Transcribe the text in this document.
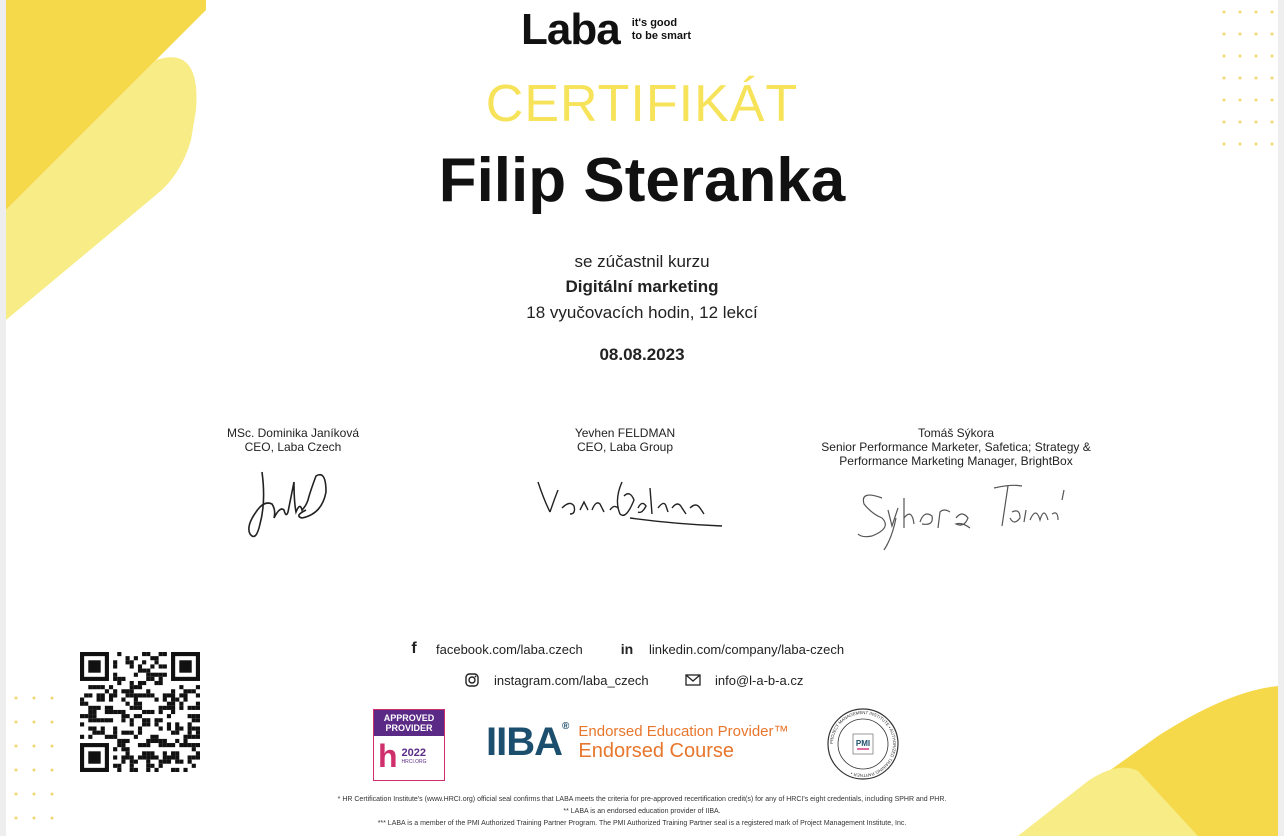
Laba it's good
to be smart
CERTIFIKÁT
Filip Steranka
se zúčastnil kurzu
Digitální marketing
18 vyučovacích hodin, 12 lekcí
08.08.2023
MSc. Dominika Janíková
CEO, Laba Czech
Yevhen FELDMAN
CEO, Laba Group
Tomáš Sýkora
Senior Performance Marketer, Safetica; Strategy &
Performance Marketing Manager, BrightBox
f	facebook.com/laba.czech	in linkedin.com/company/laba-czech
instagram.com/laba_czech	info@l-a-b-a.cz
APPROVED PROVIDER
h 2022
HRCI.ORG IIBA® Endorsed Education Provider™
Endorsed Course	PROJECT MANAGEMENT INSTITUTE • AUTHORIZED TRAINING PARTNER •
PMI
* HR Certification Institute's (www.HRCI.org) official seal confirms that LABA meets the criteria for pre-approved recertification credit(s) for any of HRCI's eight credentials, including SPHR and PHR.
** LABA is an endorsed education provider of IIBA.
*** LABA is a member of the PMI Authorized Training Partner Program. The PMI Authorized Training Partner seal is a registered mark of Project Management Institute, Inc.
